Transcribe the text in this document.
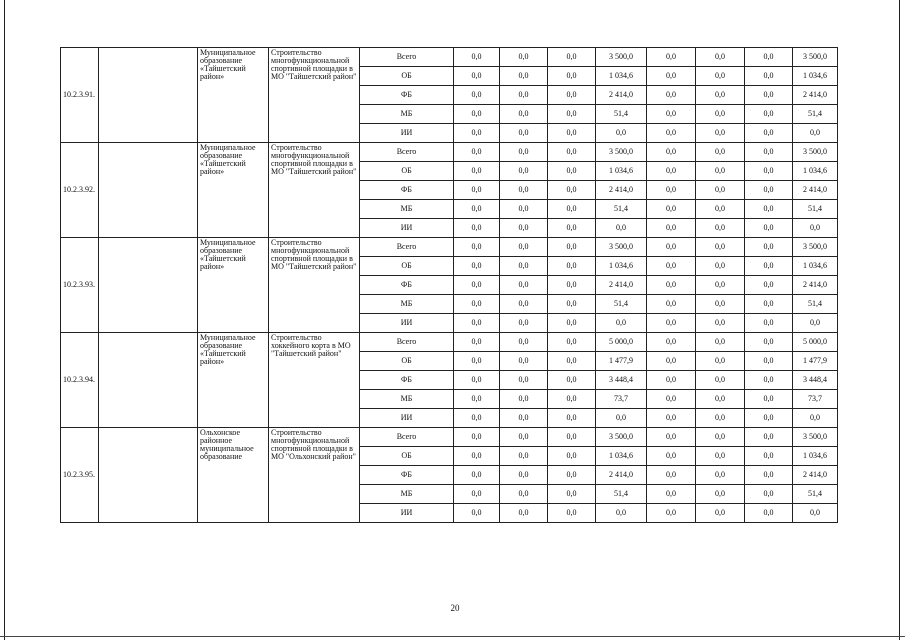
10.2.3.91.		Муниципальное образование «Тайшетский район»	Строительство многофункциональной спортивной площадки в МО "Тайшетский район"	Всего	0,0	0,0	0,0	3 500,0	0,0	0,0	0,0	3 500,0
				ОБ	0,0	0,0	0,0	1 034,6	0,0	0,0	0,0	1 034,6
				ФБ	0,0	0,0	0,0	2 414,0	0,0	0,0	0,0	2 414,0
				МБ	0,0	0,0	0,0	51,4	0,0	0,0	0,0	51,4
				ИИ	0,0	0,0	0,0	0,0	0,0	0,0	0,0	0,0
10.2.3.92.		Муниципальное образование «Тайшетский район»	Строительство многофункциональной спортивной площадки в МО "Тайшетский район"	Всего	0,0	0,0	0,0	3 500,0	0,0	0,0	0,0	3 500,0
				ОБ	0,0	0,0	0,0	1 034,6	0,0	0,0	0,0	1 034,6
				ФБ	0,0	0,0	0,0	2 414,0	0,0	0,0	0,0	2 414,0
				МБ	0,0	0,0	0,0	51,4	0,0	0,0	0,0	51,4
				ИИ	0,0	0,0	0,0	0,0	0,0	0,0	0,0	0,0
10.2.3.93.		Муниципальное образование «Тайшетский район»	Строительство многофункциональной спортивной площадки в МО "Тайшетский район"	Всего	0,0	0,0	0,0	3 500,0	0,0	0,0	0,0	3 500,0
				ОБ	0,0	0,0	0,0	1 034,6	0,0	0,0	0,0	1 034,6
				ФБ	0,0	0,0	0,0	2 414,0	0,0	0,0	0,0	2 414,0
				МБ	0,0	0,0	0,0	51,4	0,0	0,0	0,0	51,4
				ИИ	0,0	0,0	0,0	0,0	0,0	0,0	0,0	0,0
10.2.3.94.		Муниципальное образование «Тайшетский район»	Строительство хоккейного корта в МО "Тайшетский район"	Всего	0,0	0,0	0,0	5 000,0	0,0	0,0	0,0	5 000,0
				ОБ	0,0	0,0	0,0	1 477,9	0,0	0,0	0,0	1 477,9
				ФБ	0,0	0,0	0,0	3 448,4	0,0	0,0	0,0	3 448,4
				МБ	0,0	0,0	0,0	73,7	0,0	0,0	0,0	73,7
				ИИ	0,0	0,0	0,0	0,0	0,0	0,0	0,0	0,0
10.2.3.95.		Ольхонское районное муниципальное образование	Строительство многофункциональной спортивной площадки в МО "Ольхонский район"	Всего	0,0	0,0	0,0	3 500,0	0,0	0,0	0,0	3 500,0
				ОБ	0,0	0,0	0,0	1 034,6	0,0	0,0	0,0	1 034,6
				ФБ	0,0	0,0	0,0	2 414,0	0,0	0,0	0,0	2 414,0
				МБ	0,0	0,0	0,0	51,4	0,0	0,0	0,0	51,4
				ИИ	0,0	0,0	0,0	0,0	0,0	0,0	0,0	0,0
20
